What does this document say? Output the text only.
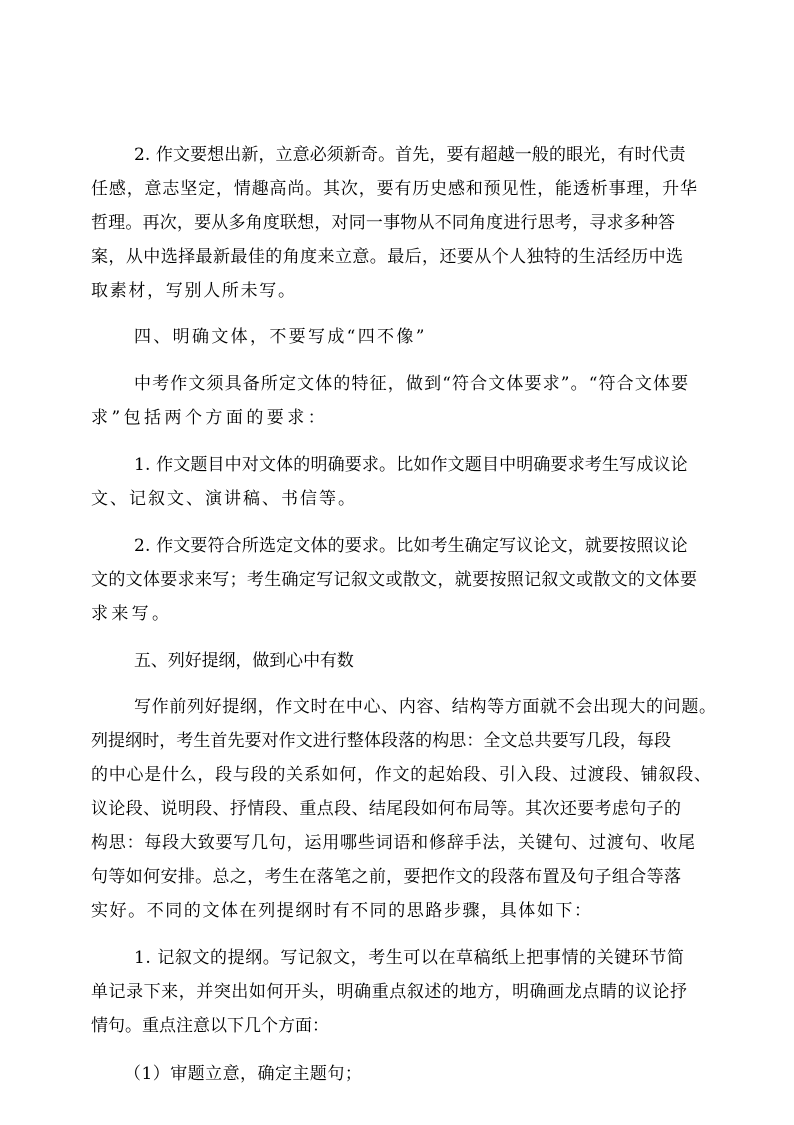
2. 作文要想出新，立意必须新奇。首先，要有超越一般的眼光，有时代责
任感，意志坚定，情趣高尚。其次，要有历史感和预见性，能透析事理，升华
哲理。再次，要从多角度联想，对同一事物从不同角度进行思考，寻求多种答
案，从中选择最新最佳的角度来立意。最后，还要从个人独特的生活经历中选
取素材，写别人所未写。
四、明确文体，不要写成“四不像”
中考作文须具备所定文体的特征，做到“符合文体要求”。“符合文体要
求”包括两个方面的要求：
1. 作文题目中对文体的明确要求。比如作文题目中明确要求考生写成议论
文、记叙文、演讲稿、书信等。
2. 作文要符合所选定文体的要求。比如考生确定写议论文，就要按照议论
文的文体要求来写；考生确定写记叙文或散文，就要按照记叙文或散文的文体要
求来写。
五、列好提纲，做到心中有数
写作前列好提纲，作文时在中心、内容、结构等方面就不会出现大的问题。
列提纲时，考生首先要对作文进行整体段落的构思：全文总共要写几段，每段
的中心是什么，段与段的关系如何，作文的起始段、引入段、过渡段、铺叙段、
议论段、说明段、抒情段、重点段、结尾段如何布局等。其次还要考虑句子的
构思：每段大致要写几句，运用哪些词语和修辞手法，关键句、过渡句、收尾
句等如何安排。总之，考生在落笔之前，要把作文的段落布置及句子组合等落
实好。不同的文体在列提纲时有不同的思路步骤，具体如下：
1. 记叙文的提纲。写记叙文，考生可以在草稿纸上把事情的关键环节简
单记录下来，并突出如何开头，明确重点叙述的地方，明确画龙点睛的议论抒
情句。重点注意以下几个方面：
（1）审题立意，确定主题句；
